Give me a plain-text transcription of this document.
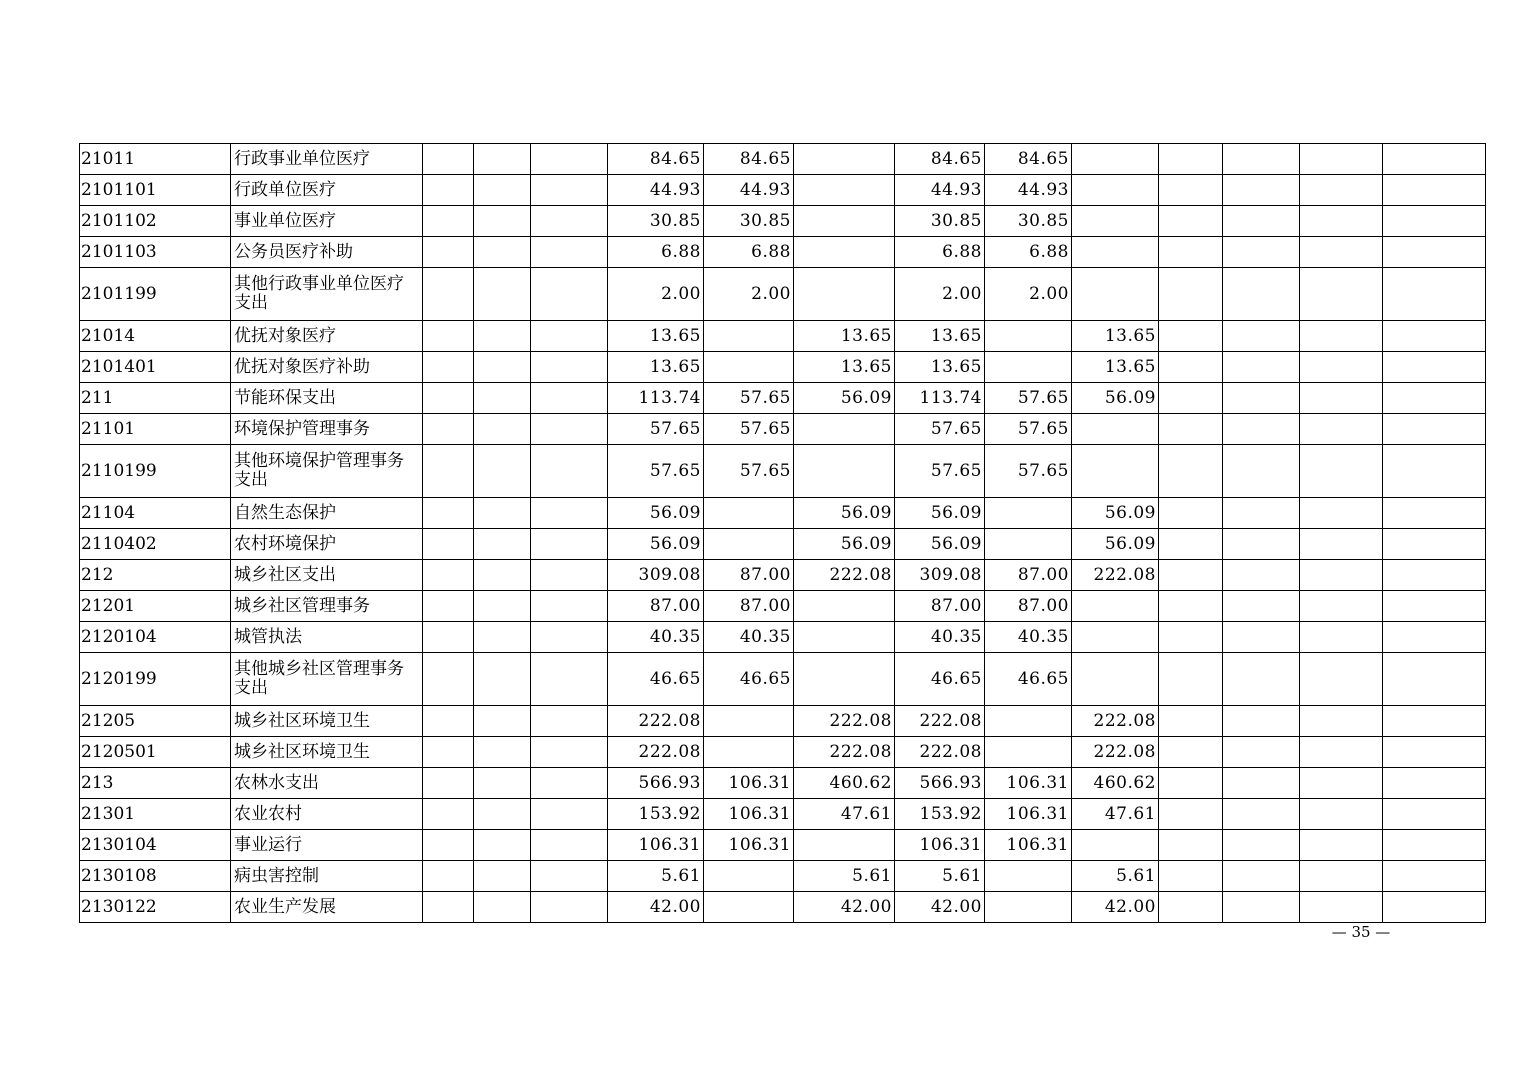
21011	行政事业单位医疗				84.65	84.65		84.65	84.65					
2101101	行政单位医疗				44.93	44.93		44.93	44.93					
2101102	事业单位医疗				30.85	30.85		30.85	30.85					
2101103	公务员医疗补助				6.88	6.88		6.88	6.88					
2101199	其他行政事业单位医疗支出				2.00	2.00		2.00	2.00					
21014	优抚对象医疗				13.65		13.65	13.65		13.65				
2101401	优抚对象医疗补助				13.65		13.65	13.65		13.65				
211	节能环保支出				113.74	57.65	56.09	113.74	57.65	56.09				
21101	环境保护管理事务				57.65	57.65		57.65	57.65					
2110199	其他环境保护管理事务支出				57.65	57.65		57.65	57.65					
21104	自然生态保护				56.09		56.09	56.09		56.09				
2110402	农村环境保护				56.09		56.09	56.09		56.09				
212	城乡社区支出				309.08	87.00	222.08	309.08	87.00	222.08				
21201	城乡社区管理事务				87.00	87.00		87.00	87.00					
2120104	城管执法				40.35	40.35		40.35	40.35					
2120199	其他城乡社区管理事务支出				46.65	46.65		46.65	46.65					
21205	城乡社区环境卫生				222.08		222.08	222.08		222.08				
2120501	城乡社区环境卫生				222.08		222.08	222.08		222.08				
213	农林水支出				566.93	106.31	460.62	566.93	106.31	460.62				
21301	农业农村				153.92	106.31	47.61	153.92	106.31	47.61				
2130104	事业运行				106.31	106.31		106.31	106.31					
2130108	病虫害控制				5.61		5.61	5.61		5.61				
2130122	农业生产发展				42.00		42.00	42.00		42.00				
— 35 —
